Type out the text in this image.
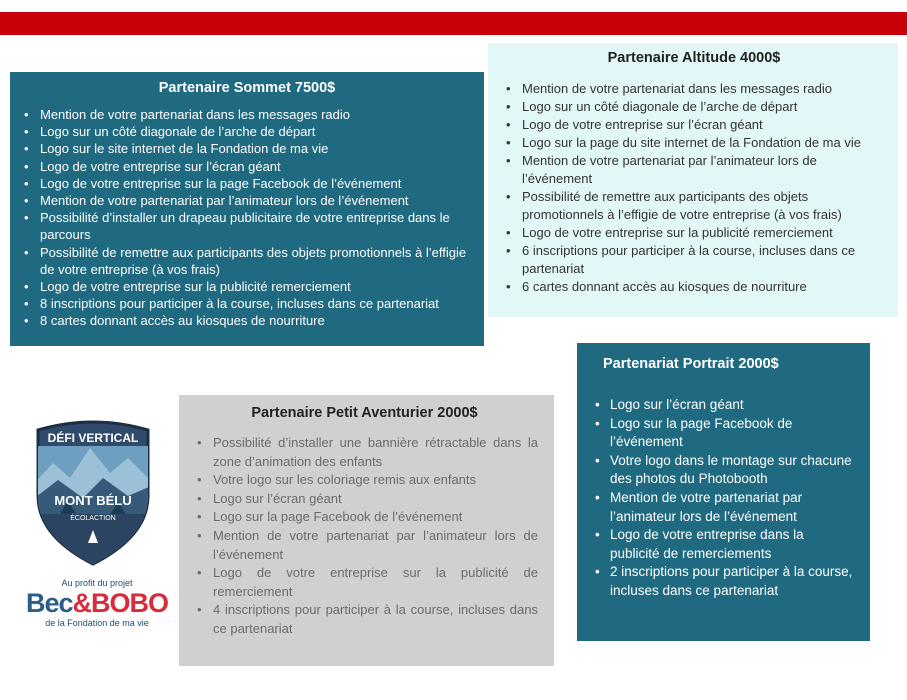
Partenaire Sommet 7500$
• Mention de votre partenariat dans les messages radio
• Logo sur un côté diagonale de l’arche de départ
• Logo sur le site internet de la Fondation de ma vie
• Logo de votre entreprise sur l’écran géant
• Logo de votre entreprise sur la page Facebook de l’événement
• Mention de votre partenariat par l’animateur lors de l’événement
• Possibilité d’installer un drapeau publicitaire de votre entreprise dans le parcours
• Possibilité de remettre aux participants des objets promotionnels à l’effigie de votre entreprise (à vos frais)
• Logo de votre entreprise sur la publicité remerciement
• 8 inscriptions pour participer à la course, incluses dans ce partenariat
• 8 cartes donnant accès au kiosques de nourriture
Partenaire Altitude 4000$
• Mention de votre partenariat dans les messages radio
• Logo sur un côté diagonale de l’arche de départ
• Logo de votre entreprise sur l’écran géant
• Logo sur la page du site internet de la Fondation de ma vie
• Mention de votre partenariat par l’animateur lors de l’événement
• Possibilité de remettre aux participants des objets promotionnels à l’effigie de votre entreprise (à vos frais)
• Logo de votre entreprise sur la publicité remerciement
• 6 inscriptions pour participer à la course, incluses dans ce partenariat
• 6 cartes donnant accès au kiosques de nourriture
Partenariat Portrait 2000$
• Logo sur l’écran géant
• Logo sur la page Facebook de l’événement
• Votre logo dans le montage sur chacune des photos du Photobooth
• Mention de votre partenariat par l’animateur lors de l’événement
• Logo de votre entreprise dans la publicité de remerciements
• 2 inscriptions pour participer à la course, incluses dans ce partenariat
Partenaire Petit Aventurier 2000$
• Possibilité d’installer une bannière rétractable dans la zone d’animation des enfants
• Votre logo sur les coloriage remis aux enfants
• Logo sur l’écran géant
• Logo sur la page Facebook de l’événement
• Mention de votre partenariat par l’animateur lors de l’événement
• Logo de votre entreprise sur la publicité de remerciement
• 4 inscriptions pour participer à la course, incluses dans ce partenariat
DÉFI VERTICAL
MONT BÉLU
ÉCOLACTION
Au profit du projet
Bec&BOBO
de la Fondation de ma vie
